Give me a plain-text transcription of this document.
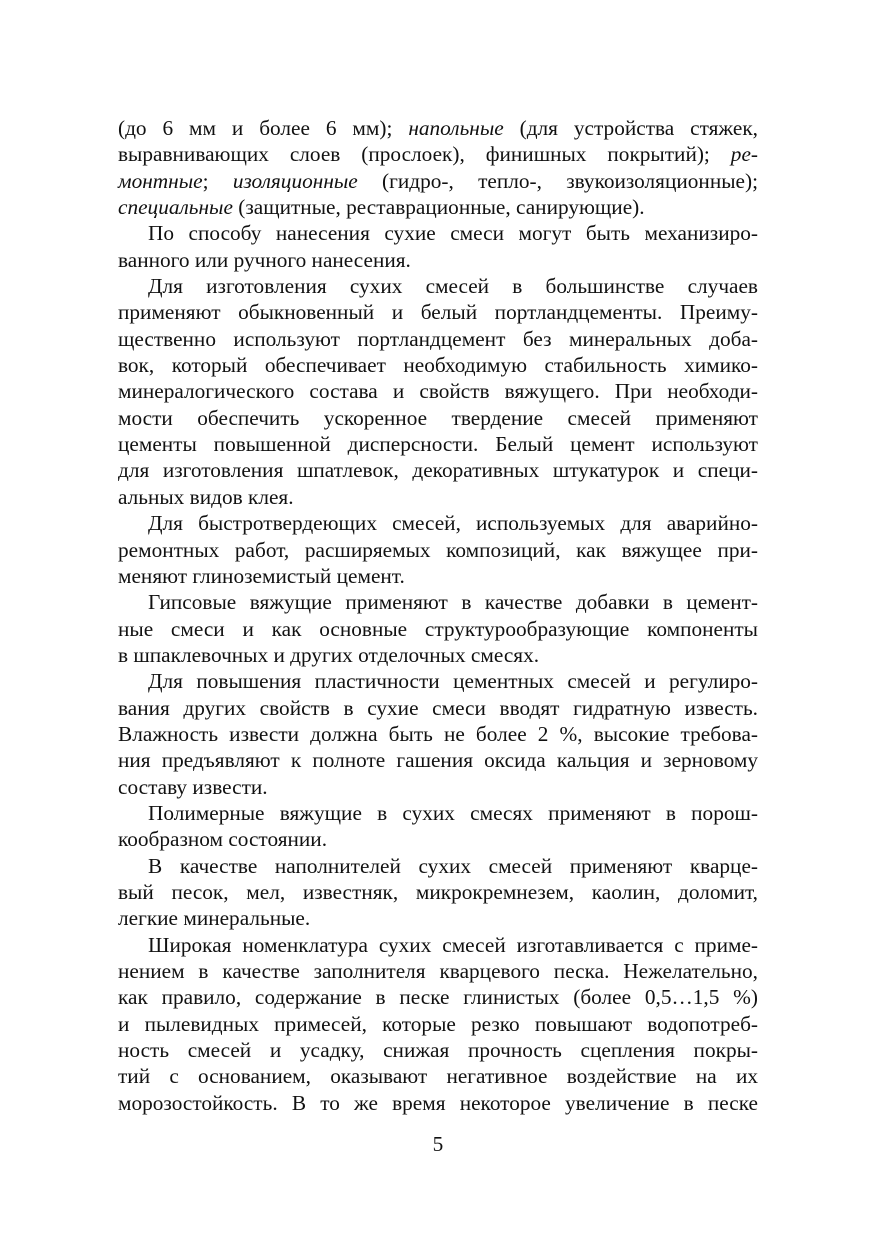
(до 6 мм и более 6 мм); напольные (для устройства стяжек,
выравнивающих слоев (прослоек), финишных покрытий); ре-
монтные; изоляционные (гидро-, тепло-, звукоизоляционные);
специальные (защитные, реставрационные, санирующие).

По способу нанесения сухие смеси могут быть механизиро-
ванного или ручного нанесения.

Для изготовления сухих смесей в большинстве случаев
применяют обыкновенный и белый портландцементы. Преиму-
щественно используют портландцемент без минеральных доба-
вок, который обеспечивает необходимую стабильность химико-
минералогического состава и свойств вяжущего. При необходи-
мости обеспечить ускоренное твердение смесей применяют
цементы повышенной дисперсности. Белый цемент используют
для изготовления шпатлевок, декоративных штукатурок и специ-
альных видов клея.

Для быстротвердеющих смесей, используемых для аварийно-
ремонтных работ, расширяемых композиций, как вяжущее при-
меняют глиноземистый цемент.

Гипсовые вяжущие применяют в качестве добавки в цемент-
ные смеси и как основные структурообразующие компоненты
в шпаклевочных и других отделочных смесях.

Для повышения пластичности цементных смесей и регулиро-
вания других свойств в сухие смеси вводят гидратную известь.
Влажность извести должна быть не более 2 %, высокие требова-
ния предъявляют к полноте гашения оксида кальция и зерновому
составу извести.

Полимерные вяжущие в сухих смесях применяют в порош-
кообразном состоянии.

В качестве наполнителей сухих смесей применяют кварце-
вый песок, мел, известняк, микрокремнезем, каолин, доломит,
легкие минеральные.

Широкая номенклатура сухих смесей изготавливается с приме-
нением в качестве заполнителя кварцевого песка. Нежелательно,
как правило, содержание в песке глинистых (более 0,5…1,5 %)
и пылевидных примесей, которые резко повышают водопотреб-
ность смесей и усадку, снижая прочность сцепления покры-
тий с основанием, оказывают негативное воздействие на их
морозостойкость. В то же время некоторое увеличение в песке

5
